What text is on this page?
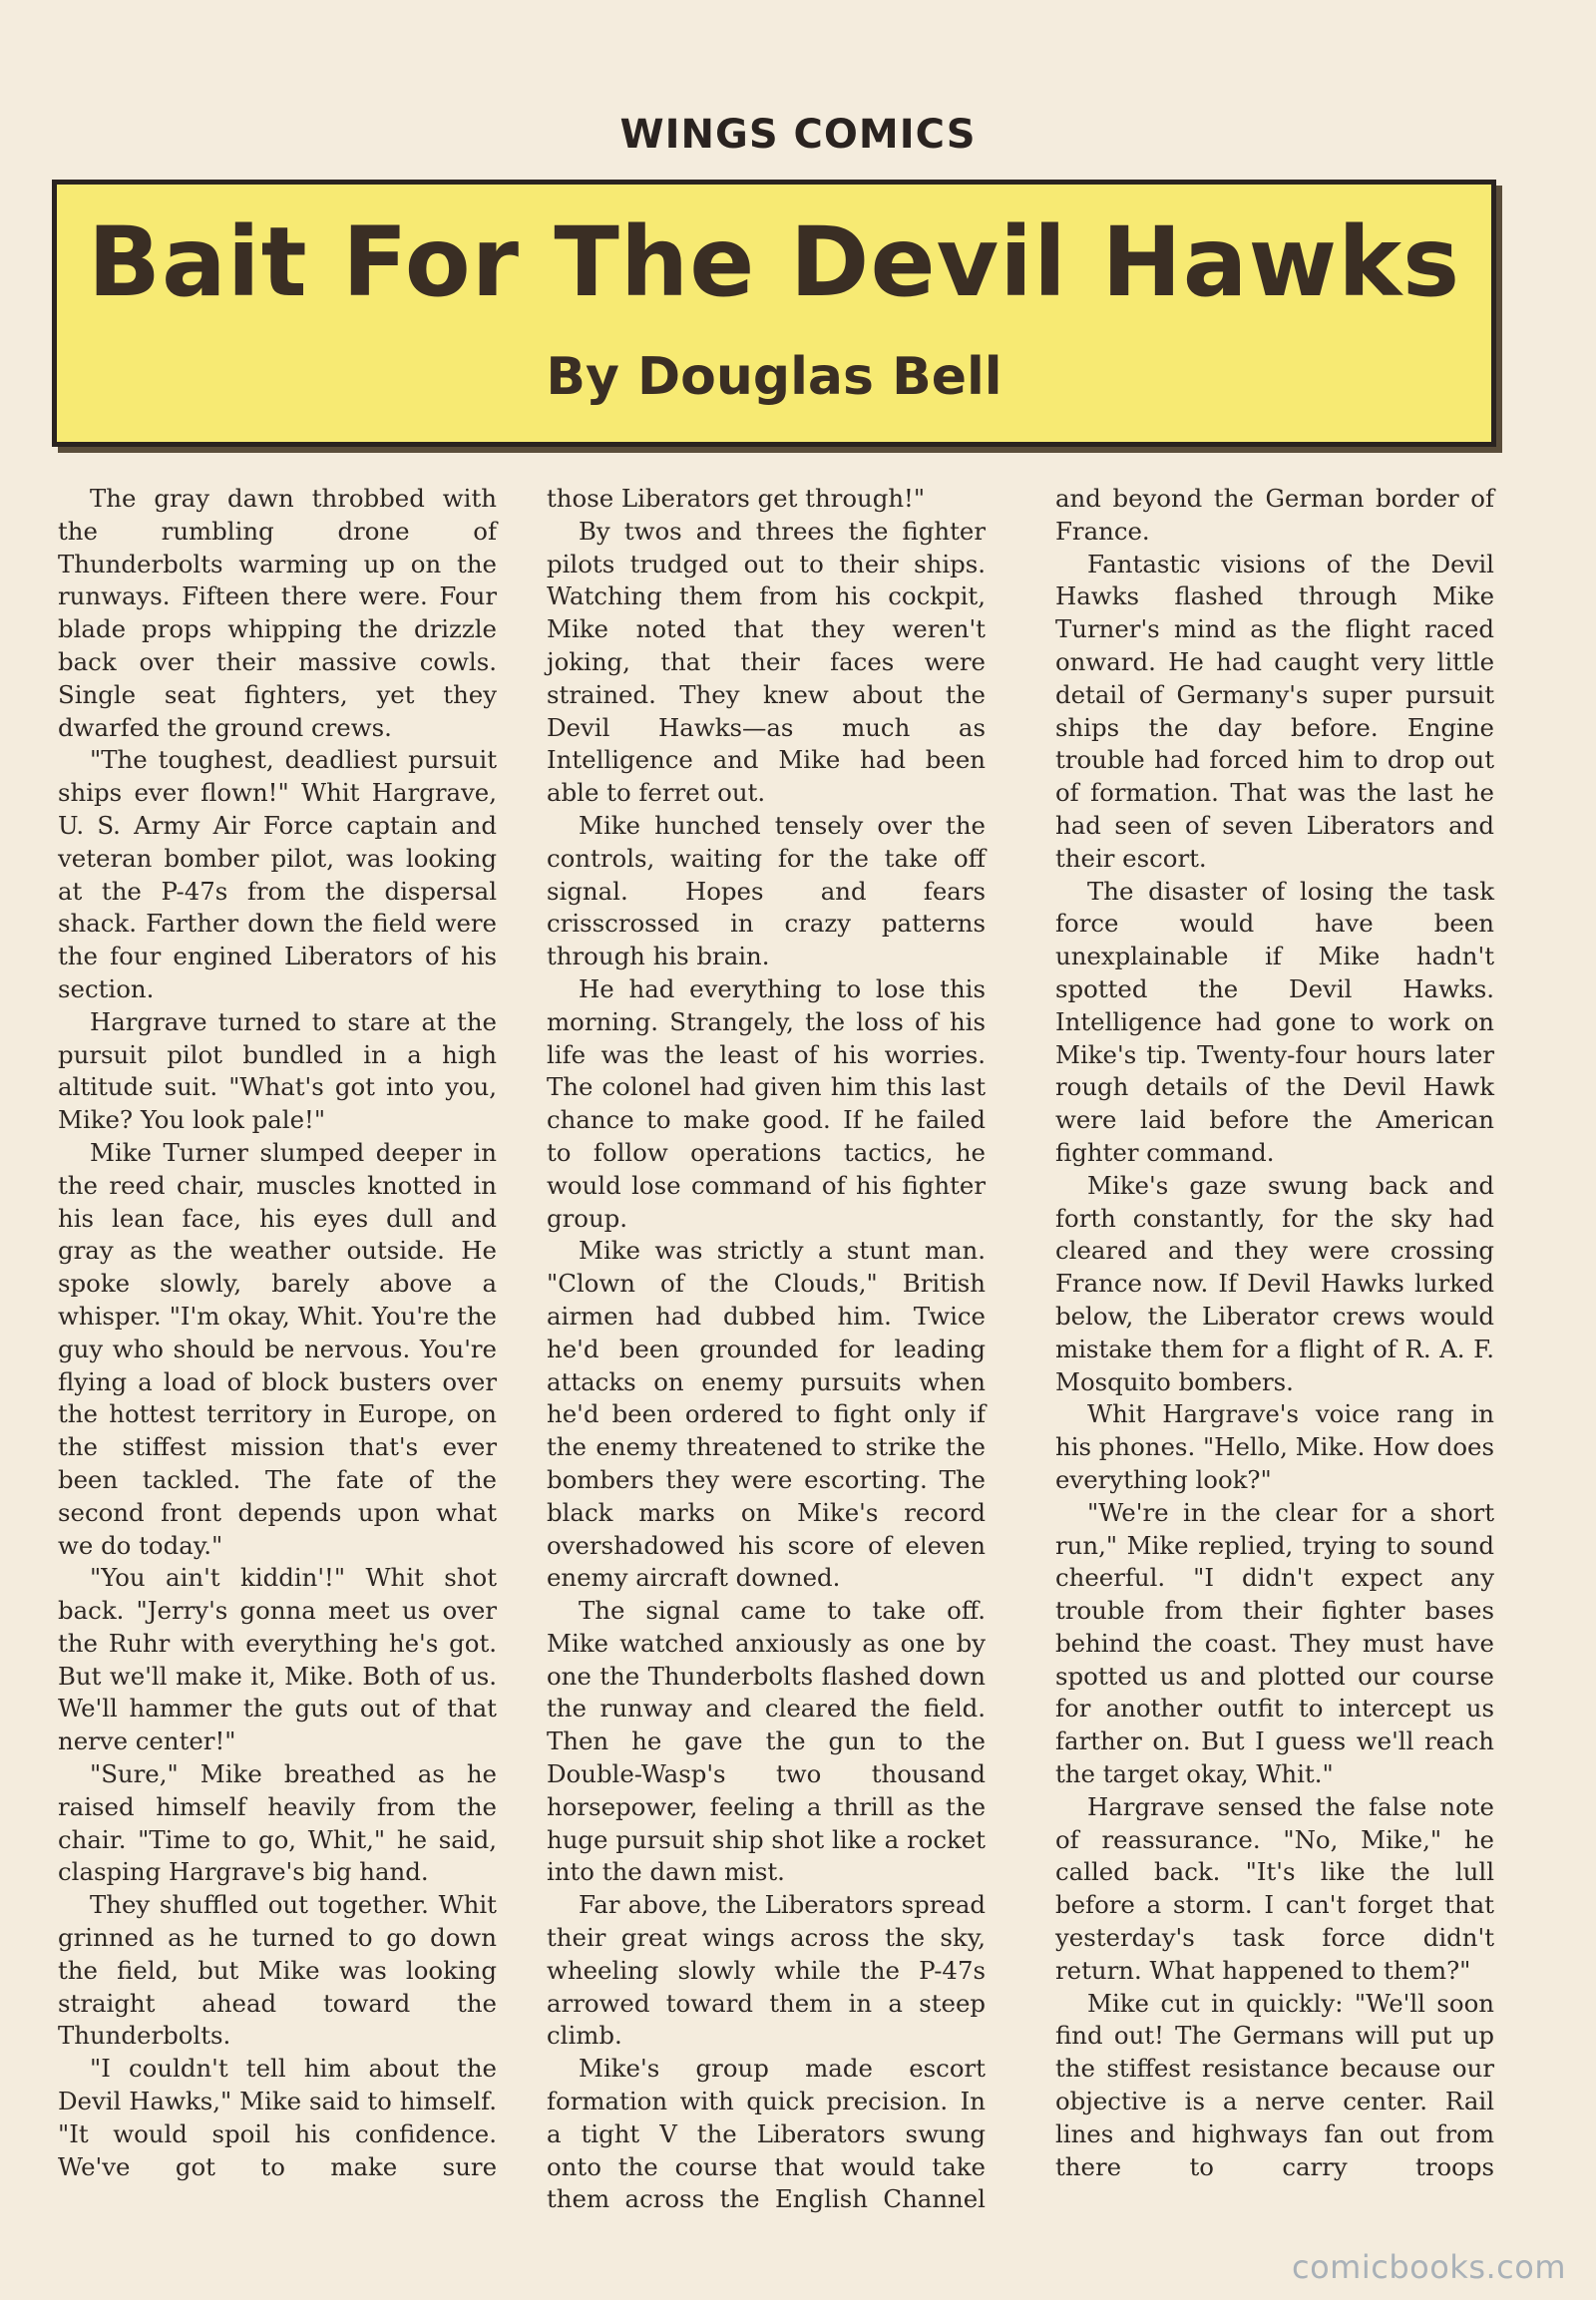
WINGS COMICS
Bait For The Devil Hawks
By Douglas Bell

The gray dawn throbbed with the rumbling drone of Thunderbolts warming up on the runways. Fifteen there were. Four blade props whipping the drizzle back over their massive cowls. Single seat fighters, yet they dwarfed the ground crews.

"The toughest, deadliest pursuit ships ever flown!" Whit Hargrave, U. S. Army Air Force captain and veteran bomber pilot, was looking at the P-47s from the dispersal shack. Farther down the field were the four engined Liberators of his section.

Hargrave turned to stare at the pursuit pilot bundled in a high altitude suit. "What's got into you, Mike? You look pale!"

Mike Turner slumped deeper in the reed chair, muscles knotted in his lean face, his eyes dull and gray as the weather outside. He spoke slowly, barely above a whisper. "I'm okay, Whit. You're the guy who should be nervous. You're flying a load of block busters over the hottest territory in Europe, on the stiffest mission that's ever been tackled. The fate of the second front depends upon what we do today."

"You ain't kiddin'!" Whit shot back. "Jerry's gonna meet us over the Ruhr with everything he's got. But we'll make it, Mike. Both of us. We'll hammer the guts out of that nerve center!"

"Sure," Mike breathed as he raised himself heavily from the chair. "Time to go, Whit," he said, clasping Hargrave's big hand.

They shuffled out together. Whit grinned as he turned to go down the field, but Mike was looking straight ahead toward the Thunderbolts.

"I couldn't tell him about the Devil Hawks," Mike said to himself. "It would spoil his confidence. We've got to make sure

those Liberators get through!"

By twos and threes the fighter pilots trudged out to their ships. Watching them from his cockpit, Mike noted that they weren't joking, that their faces were strained. They knew about the Devil Hawks—as much as Intelligence and Mike had been able to ferret out.

Mike hunched tensely over the controls, waiting for the take off signal. Hopes and fears crisscrossed in crazy patterns through his brain.

He had everything to lose this morning. Strangely, the loss of his life was the least of his worries. The colonel had given him this last chance to make good. If he failed to follow operations tactics, he would lose command of his fighter group.

Mike was strictly a stunt man. "Clown of the Clouds," British airmen had dubbed him. Twice he'd been grounded for leading attacks on enemy pursuits when he'd been ordered to fight only if the enemy threatened to strike the bombers they were escorting. The black marks on Mike's record overshadowed his score of eleven enemy aircraft downed.

The signal came to take off. Mike watched anxiously as one by one the Thunderbolts flashed down the runway and cleared the field. Then he gave the gun to the Double-Wasp's two thousand horsepower, feeling a thrill as the huge pursuit ship shot like a rocket into the dawn mist.

Far above, the Liberators spread their great wings across the sky, wheeling slowly while the P-47s arrowed toward them in a steep climb.

Mike's group made escort formation with quick precision. In a tight V the Liberators swung onto the course that would take them across the English Channel

and beyond the German border of France.

Fantastic visions of the Devil Hawks flashed through Mike Turner's mind as the flight raced onward. He had caught very little detail of Germany's super pursuit ships the day before. Engine trouble had forced him to drop out of formation. That was the last he had seen of seven Liberators and their escort.

The disaster of losing the task force would have been unexplainable if Mike hadn't spotted the Devil Hawks. Intelligence had gone to work on Mike's tip. Twenty-four hours later rough details of the Devil Hawk were laid before the American fighter command.

Mike's gaze swung back and forth constantly, for the sky had cleared and they were crossing France now. If Devil Hawks lurked below, the Liberator crews would mistake them for a flight of R. A. F. Mosquito bombers.

Whit Hargrave's voice rang in his phones. "Hello, Mike. How does everything look?"

"We're in the clear for a short run," Mike replied, trying to sound cheerful. "I didn't expect any trouble from their fighter bases behind the coast. They must have spotted us and plotted our course for another outfit to intercept us farther on. But I guess we'll reach the target okay, Whit."

Hargrave sensed the false note of reassurance. "No, Mike," he called back. "It's like the lull before a storm. I can't forget that yesterday's task force didn't return. What happened to them?"

Mike cut in quickly: "We'll soon find out! The Germans will put up the stiffest resistance because our objective is a nerve center. Rail lines and highways fan out from there to carry troops

comicbooks.com
